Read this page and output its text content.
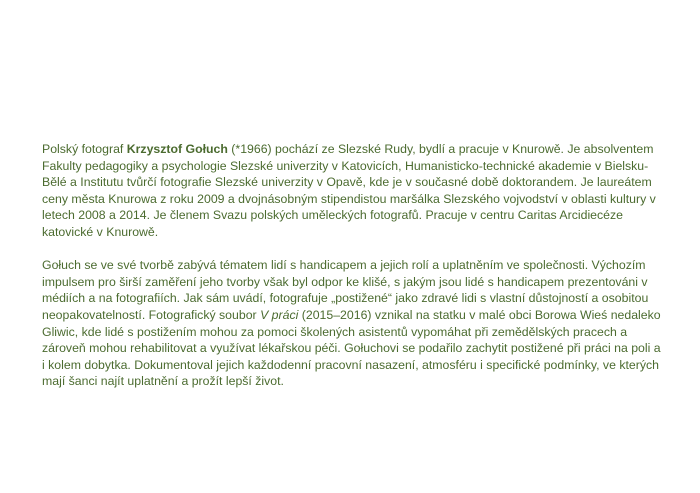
Polský fotograf Krzysztof Gołuch (*1966) pochází ze Slezské Rudy, bydlí a pracuje v Knurowě. Je absolventem Fakulty pedagogiky a psychologie Slezské univerzity v Katovicích, Humanisticko-technické akademie v Bielsku-Bělé a Institutu tvůrčí fotografie Slezské univerzity v Opavě, kde je v současné době doktorandem. Je laureátem ceny města Knurowa z roku 2009 a dvojnásobným stipendistou maršálka Slezského vojvodství v oblasti kultury v letech 2008 a 2014. Je členem Svazu polských uměleckých fotografů. Pracuje v centru Caritas Arcidiecéze katovické v Knurowě.

Gołuch se ve své tvorbě zabývá tématem lidí s handicapem a jejich rolí a uplatněním ve společnosti. Výchozím impulsem pro širší zaměření jeho tvorby však byl odpor ke klišé, s jakým jsou lidé s handicapem prezentováni v médiích a na fotografiích. Jak sám uvádí, fotografuje „postižené“ jako zdravé lidi s vlastní důstojností a osobitou neopakovatelností. Fotografický soubor V práci (2015–2016) vznikal na statku v malé obci Borowa Wieś nedaleko Gliwic, kde lidé s postižením mohou za pomoci školených asistentů vypomáhat při zemědělských pracech a zároveň mohou rehabilitovat a využívat lékařskou péči. Gołuchovi se podařilo zachytit postižené při práci na poli a i kolem dobytka. Dokumentoval jejich každodenní pracovní nasazení, atmosféru i specifické podmínky, ve kterých mají šanci najít uplatnění a prožít lepší život.
